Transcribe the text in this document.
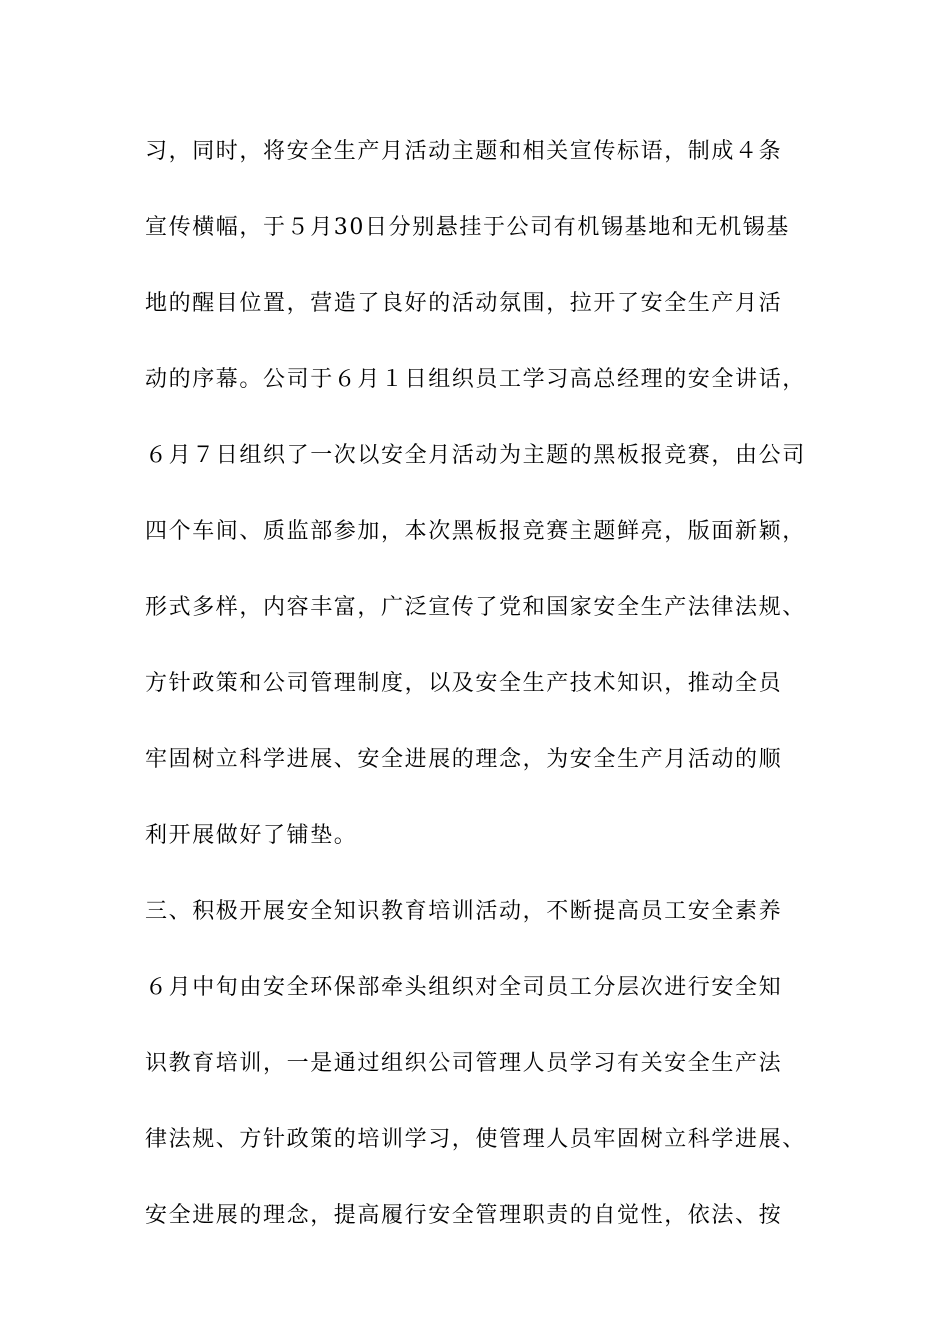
习，同时，将安全生产月活动主题和相关宣传标语，制成４条
宣传横幅，于５月30日分别悬挂于公司有机锡基地和无机锡基
地的醒目位置，营造了良好的活动氛围，拉开了安全生产月活
动的序幕。公司于６月１日组织员工学习高总经理的安全讲话，
６月７日组织了一次以安全月活动为主题的黑板报竞赛，由公司
四个车间、质监部参加，本次黑板报竞赛主题鲜亮，版面新颖，
形式多样，内容丰富，广泛宣传了党和国家安全生产法律法规、
方针政策和公司管理制度，以及安全生产技术知识，推动全员
牢固树立科学进展、安全进展的理念，为安全生产月活动的顺
利开展做好了铺垫。
三、积极开展安全知识教育培训活动，不断提高员工安全素养
６月中旬由安全环保部牵头组织对全司员工分层次进行安全知
识教育培训，一是通过组织公司管理人员学习有关安全生产法
律法规、方针政策的培训学习，使管理人员牢固树立科学进展、
安全进展的理念，提高履行安全管理职责的自觉性，依法、按
